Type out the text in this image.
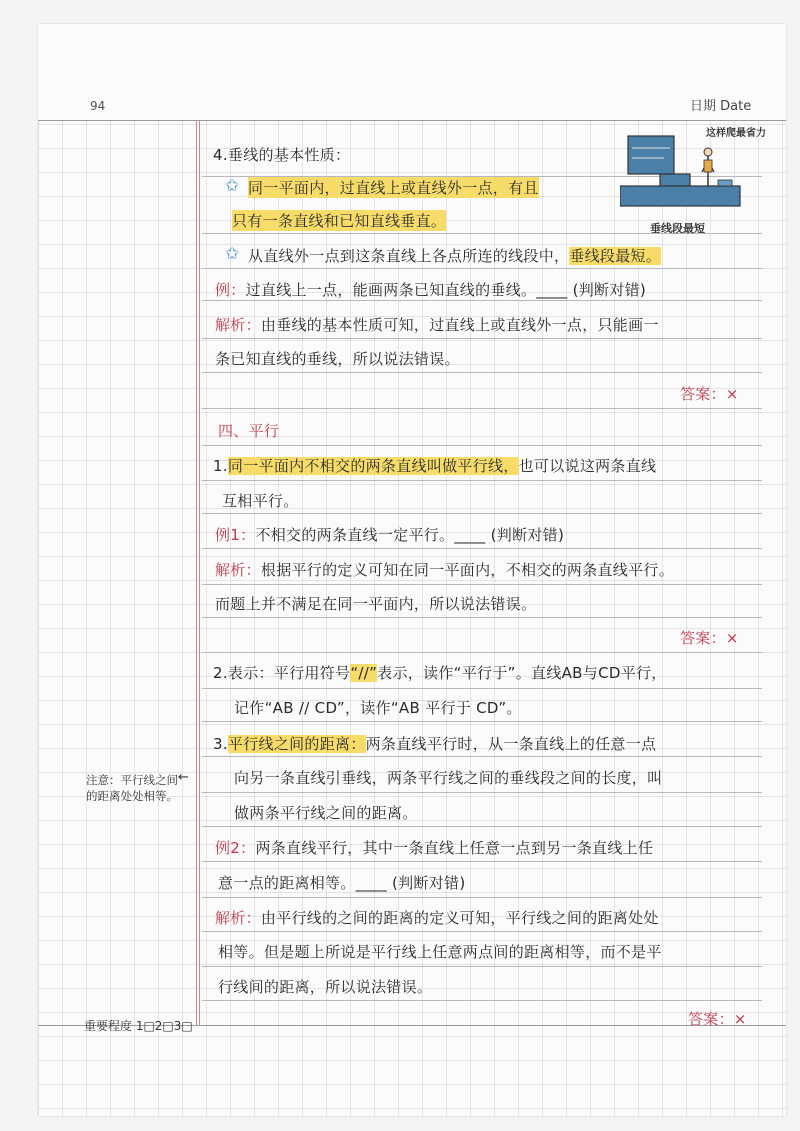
94	日期 Date
这样爬最省力
垂线段最短
4.垂线的基本性质：
✩ 同一平面内，过直线上或直线外一点，有且
只有一条直线和已知直线垂直。
✩ 从直线外一点到这条直线上各点所连的线段中，垂线段最短。
例：过直线上一点，能画两条已知直线的垂线。____ (判断对错)
解析：由垂线的基本性质可知，过直线上或直线外一点，只能画一
条已知直线的垂线，所以说法错误。
答案：×
四、平行
1.同一平面内不相交的两条直线叫做平行线，也可以说这两条直线
互相平行。
例1：不相交的两条直线一定平行。____ (判断对错)
解析：根据平行的定义可知在同一平面内，不相交的两条直线平行。
而题上并不满足在同一平面内，所以说法错误。
答案：×
2.表示：平行用符号“//”表示，读作“平行于”。直线AB与CD平行，
记作“AB // CD”，读作“AB 平行于 CD”。
3.平行线之间的距离：两条直线平行时，从一条直线上的任意一点
向另一条直线引垂线，两条平行线之间的垂线段之间的长度，叫
做两条平行线之间的距离。
例2：两条直线平行，其中一条直线上任意一点到另一条直线上任
意一点的距离相等。____ (判断对错)
解析：由平行线的之间的距离的定义可知，平行线之间的距离处处
相等。但是题上所说是平行线上任意两点间的距离相等，而不是平
行线间的距离，所以说法错误。
答案：×
注意：平行线之间的距离处处相等。
←
重要程度 1□2□3□
